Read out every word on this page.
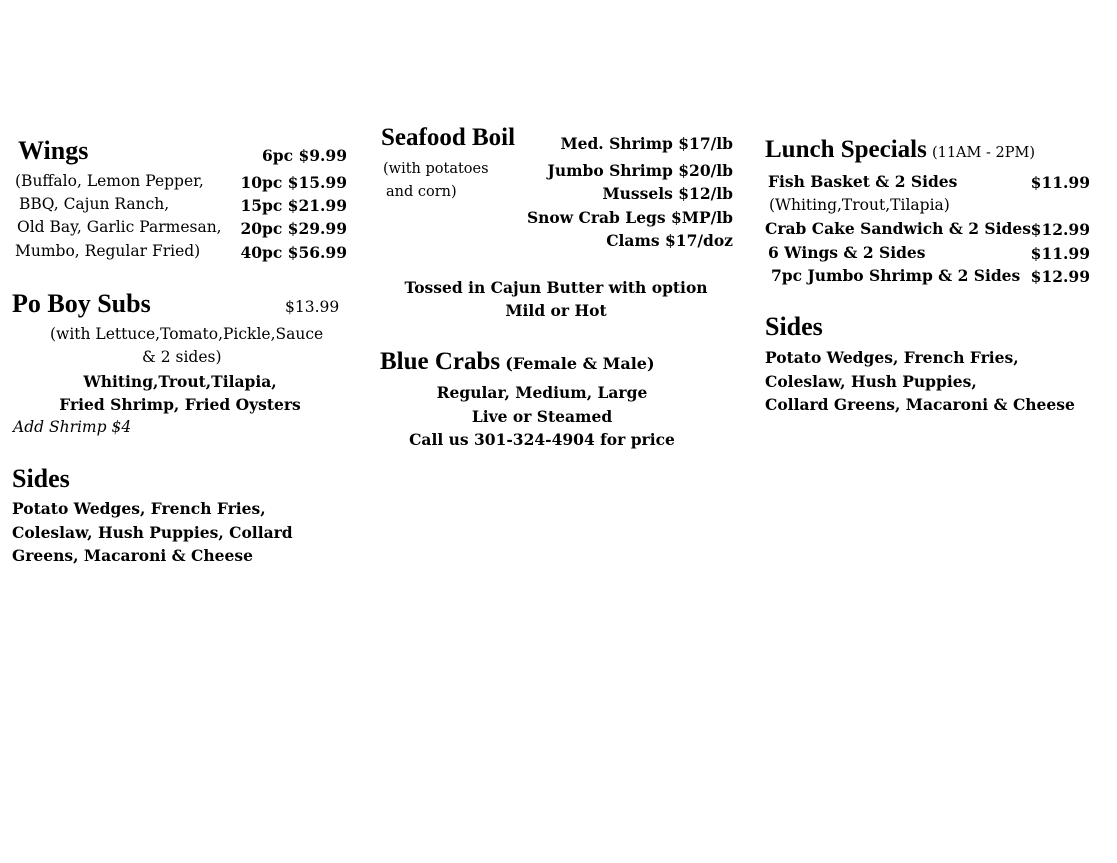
Wings
(Buffalo, Lemon Pepper,
BBQ, Cajun Ranch,
Old Bay, Garlic Parmesan,
Mumbo, Regular Fried)
6pc $9.99
10pc $15.99
15pc $21.99
20pc $29.99
40pc $56.99
Po Boy Subs	$13.99
(with Lettuce,Tomato,Pickle,Sauce
& 2 sides)
Whiting,Trout,Tilapia,
Fried Shrimp, Fried Oysters
Add Shrimp $4
Sides
Potato Wedges, French Fries,
Coleslaw, Hush Puppies, Collard
Greens, Macaroni & Cheese
Seafood Boil
(with potatoes
and corn)
Med. Shrimp $17/lb
Jumbo Shrimp $20/lb
Mussels $12/lb
Snow Crab Legs $MP/lb
Clams $17/doz
Tossed in Cajun Butter with option
Mild or Hot
Blue Crabs (Female & Male)
Regular, Medium, Large
Live or Steamed
Call us 301-324-4904 for price
Lunch Specials (11AM - 2PM)
Fish Basket & 2 Sides	$11.99
(Whiting,Trout,Tilapia)
Crab Cake Sandwich & 2 Sides $12.99
6 Wings & 2 Sides	$11.99
7pc Jumbo Shrimp & 2 Sides $12.99
Sides
Potato Wedges, French Fries,
Coleslaw, Hush Puppies,
Collard Greens, Macaroni & Cheese
